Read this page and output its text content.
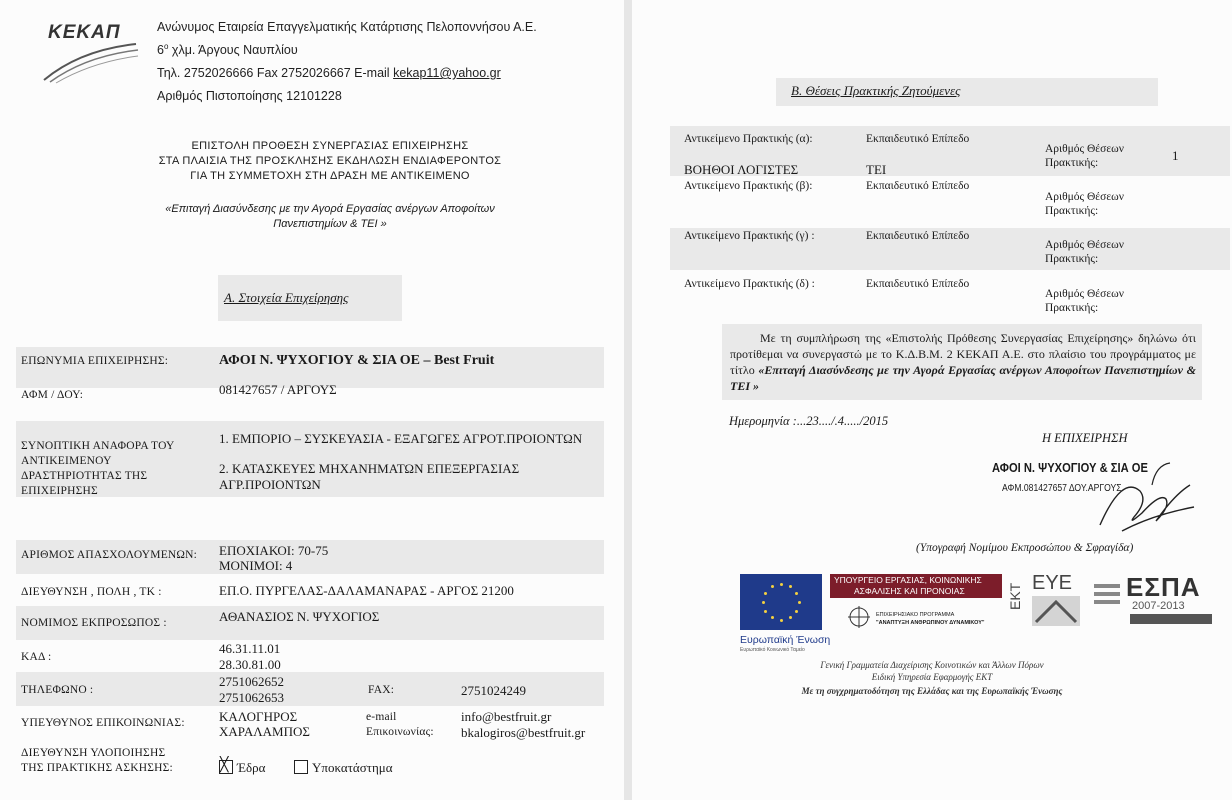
KEKAΠ	Ανώνυμος Εταιρεία Επαγγελματικής Κατάρτισης Πελοποννήσου Α.Ε.
$6^o$ χλμ. Άργους Ναυπλίου
Τηλ. 2752026666 Fax 2752026667 E-mail kekap11@yahoo.gr
Αριθμός Πιστοποίησης 12101228
ΕΠΙΣΤΟΛΗ ΠΡΟΘΕΣΗ ΣΥΝΕΡΓΑΣΙΑΣ ΕΠΙΧΕΙΡΗΣΗΣ
ΣΤΑ ΠΛΑΙΣΙΑ ΤΗΣ ΠΡΟΣΚΛΗΣΗΣ ΕΚΔΗΛΩΣΗ ΕΝΔΙΑΦΕΡΟΝΤΟΣ
ΓΙΑ ΤΗ ΣΥΜΜΕΤΟΧΗ ΣΤΗ ΔΡΑΣΗ ΜΕ ΑΝΤΙΚΕΙΜΕΝΟ
«Επιταγή Διασύνδεσης με την Αγορά Εργασίας ανέργων Αποφοίτων
Πανεπιστημίων & ΤΕΙ »
Α. Στοιχεία Επιχείρησης
ΕΠΩΝΥΜΙΑ ΕΠΙΧΕΙΡΗΣΗΣ:	ΑΦΟΙ Ν. ΨΥΧΟΓΙΟΥ & ΣΙΑ ΟΕ – Best Fruit
ΑΦΜ / ΔΟΥ:	081427657 / ΑΡΓΟΥΣ
ΣΥΝΟΠΤΙΚΗ ΑΝΑΦΟΡΑ ΤΟΥ
ΑΝΤΙΚΕΙΜΕΝΟΥ
ΔΡΑΣΤΗΡΙΟΤΗΤΑΣ ΤΗΣ
ΕΠΙΧΕΙΡΗΣΗΣ
1. ΕΜΠΟΡΙΟ – ΣΥΣΚΕΥΑΣΙΑ - ΕΞΑΓΩΓΕΣ ΑΓΡΟΤ.ΠΡΟΙΟΝΤΩΝ
2. ΚΑΤΑΣΚΕΥΕΣ ΜΗΧΑΝΗΜΑΤΩΝ ΕΠΕΞΕΡΓΑΣΙΑΣ
ΑΓΡ.ΠΡΟΙΟΝΤΩΝ
ΑΡΙΘΜΟΣ ΑΠΑΣΧΟΛΟΥΜΕΝΩΝ: ΕΠΟΧΙΑΚΟΙ: 70-75
ΜΟΝΙΜΟΙ: 4
ΔΙΕΥΘΥΝΣΗ , ΠΟΛΗ , ΤΚ :	ΕΠ.Ο. ΠΥΡΓΕΛΑΣ-ΔΑΛΑΜΑΝΑΡΑΣ - ΑΡΓΟΣ 21200
ΝΟΜΙΜΟΣ ΕΚΠΡΟΣΩΠΟΣ :	ΑΘΑΝΑΣΙΟΣ Ν. ΨΥΧΟΓΙΟΣ
ΚΑΔ :
46.31.11.01
28.30.81.00
ΤΗΛΕΦΩΝΟ :
2751062652
2751062653	FAX:	2751024249
ΥΠΕΥΘΥΝΟΣ ΕΠΙΚΟΙΝΩΝΙΑΣ:	ΚΑΛΟΓΗΡΟΣ
ΧΑΡΑΛΑΜΠΟΣ
e-mail
Επικοινωνίας:
info@bestfruit.gr
bkalogiros@bestfruit.gr
ΔΙΕΥΘΥΝΣΗ ΥΛΟΠΟΙΗΣΗΣ
ΤΗΣ ΠΡΑΚΤΙΚΗΣ ΑΣΚΗΣΗΣ:
╳	Έδρα	Υποκατάστημα
Β. Θέσεις Πρακτικής Ζητούμενες
Αντικείμενο Πρακτικής (α):	Εκπαιδευτικό Επίπεδο
Αριθμός Θέσεων
Πρακτικής:
ΒΟΗΘΟΙ ΛΟΓΙΣΤΕΣ	ΤΕΙ
1
Αντικείμενο Πρακτικής (β):	Εκπαιδευτικό Επίπεδο
Αριθμός Θέσεων
Πρακτικής:
Αντικείμενο Πρακτικής (γ) :	Εκπαιδευτικό Επίπεδο
Αριθμός Θέσεων
Πρακτικής:
Αντικείμενο Πρακτικής (δ) :	Εκπαιδευτικό Επίπεδο
Αριθμός Θέσεων
Πρακτικής:
Με τη συμπλήρωση της «Επιστολής Πρόθεσης Συνεργασίας Επιχείρησης» δηλώνω ότι προτίθεμαι να συνεργαστώ με το Κ.Δ.Β.Μ. 2 ΚΕΚΑΠ Α.Ε. στο πλαίσιο του προγράμματος με τίτλο «Επιταγή Διασύνδεσης με την Αγορά Εργασίας ανέργων Αποφοίτων Πανεπιστημίων & ΤΕΙ »
Ημερομηνία :...23..../.4...../2015
Η ΕΠΙΧΕΙΡΗΣΗ
ΑΦΟΙ Ν. ΨΥΧΟΓΙΟΥ & ΣΙΑ ΟΕ
ΑΦΜ.081427657 ΔΟΥ.ΑΡΓΟΥΣ
(Υπογραφή Νομίμου Εκπροσώπου & Σφραγίδα)
Ευρωπαϊκή Ένωση
Ευρωπαϊκό Κοινωνικό Ταμείο
ΥΠΟΥΡΓΕΙΟ ΕΡΓΑΣΙΑΣ, ΚΟΙΝΩΝΙΚΗΣ
ΑΣΦΑΛΙΣΗΣ ΚΑΙ ΠΡΟΝΟΙΑΣ
ΕΠΙΧΕΙΡΗΣΙΑΚΟ ΠΡΟΓΡΑΜΜΑ
"ΑΝΑΠΤΥΞΗ ΑΝΘΡΩΠΙΝΟΥ ΔΥΝΑΜΙΚΟΥ"
ΕΚΤ ΕΥΕ ΕΣΠΑ
2007-2013
Γενική Γραμματεία Διαχείρισης Κοινοτικών και Άλλων Πόρων
Ειδική Υπηρεσία Εφαρμογής ΕΚΤ
Με τη συγχρηματοδότηση της Ελλάδας και της Ευρωπαϊκής Ένωσης
